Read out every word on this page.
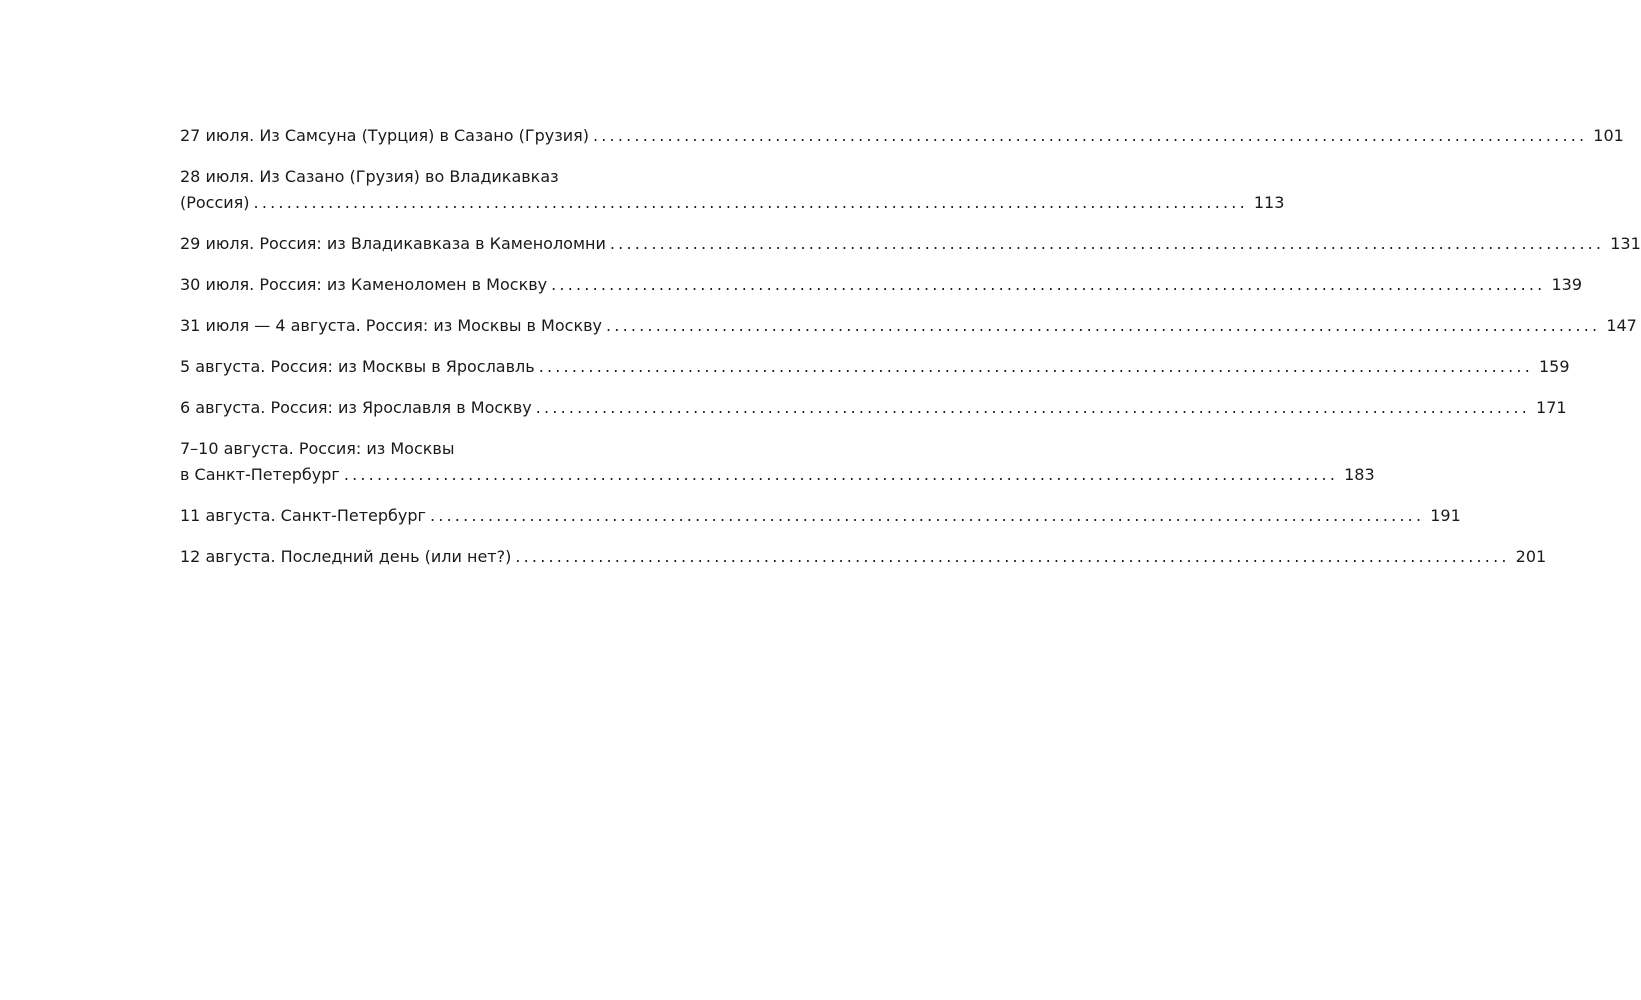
27 июля. Из Самсуна (Турция) в Сазано (Грузия) ........................................................................................................................ 101
28 июля. Из Сазано (Грузия) во Владикавказ
(Россия) ........................................................................................................................ 113
29 июля. Россия: из Владикавказа в Каменоломни ........................................................................................................................ 131
30 июля. Россия: из Каменоломен в Москву ........................................................................................................................ 139
31 июля — 4 августа. Россия: из Москвы в Москву ........................................................................................................................ 147
5 августа. Россия: из Москвы в Ярославль ........................................................................................................................ 159
6 августа. Россия: из Ярославля в Москву ........................................................................................................................ 171
7–10 августа. Россия: из Москвы
в Санкт-Петербург ........................................................................................................................ 183
11 августа. Санкт-Петербург ........................................................................................................................ 191
12 августа. Последний день (или нет?) ........................................................................................................................ 201
